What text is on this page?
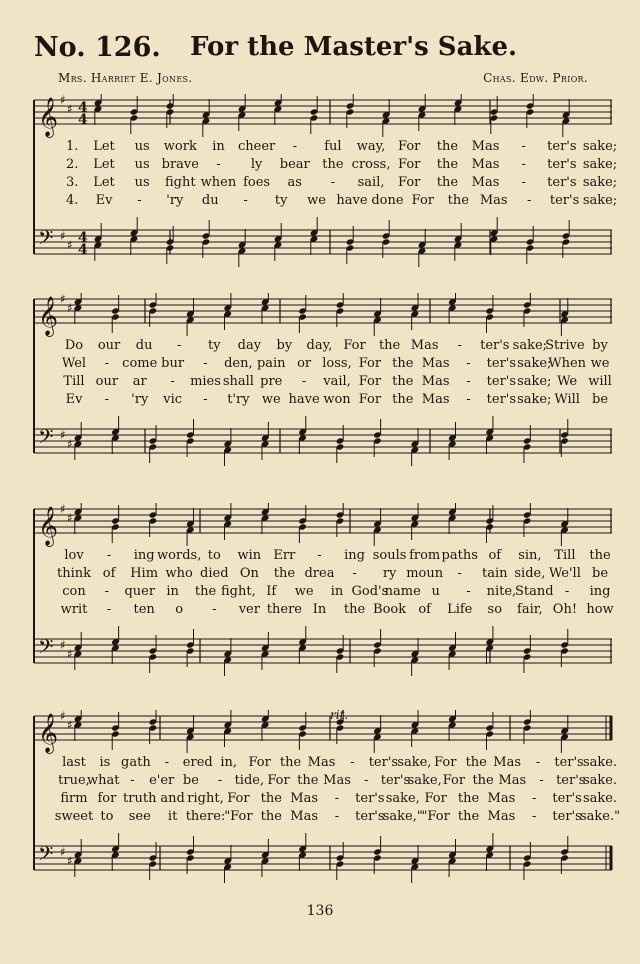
No. 126. For the Master's Sake.
Mrs. Harriet E. Jones.	Chas. Edw. Prior.
𝄞 ♯
♯ 4
4
𝄢 ♯
♯ 4
4
1. Let us work in cheer - ful way, For the Mas - ter's sake;
2. Let us brave - ly bear the cross, For the Mas - ter's sake;
3. Let us fight when foes as - sail, For the Mas - ter's sake;
4. Ev - 'ry du - ty we have done For the Mas - ter's sake;
𝄞 ♯
♯
𝄢 ♯
♯
Do our du - ty day by day, For the Mas - ter's sake;
Strive by
Wel - come bur - den, pain or loss, For the Mas - ter's sake;
When we
Till our ar - mies shall pre - vail, For the Mas - ter's sake; We will
Ev - 'ry vic - t'ry we have won For the Mas - ter's sake; Will be
𝄞 ♯
♯
𝄢 ♯
♯
lov - ing words, to win Err - ing souls from paths of sin, Till the
think of Him who died On the drea - ry moun - tain side, We'll be
con - quer in the fight, If we in God's
name u - nite,
Stand - ing
writ - ten o - ver there In the Book of Life so fair, Oh! how
𝄞 ♯
♯
𝄢 ♯
♯
last is gath - ered in, For the Mas - ter's sake, For the Mas - ter's sake.
true,
what - e'er be - tide, For the Mas - ter's
sake, For the Mas - ter's
sake.
firm for truth and right, For the Mas - ter's sake, For the Mas - ter's sake.
sweet to see it there:
"For the Mas - ter's
sake,"
"For the Mas - ter's
sake."
rit.
136
